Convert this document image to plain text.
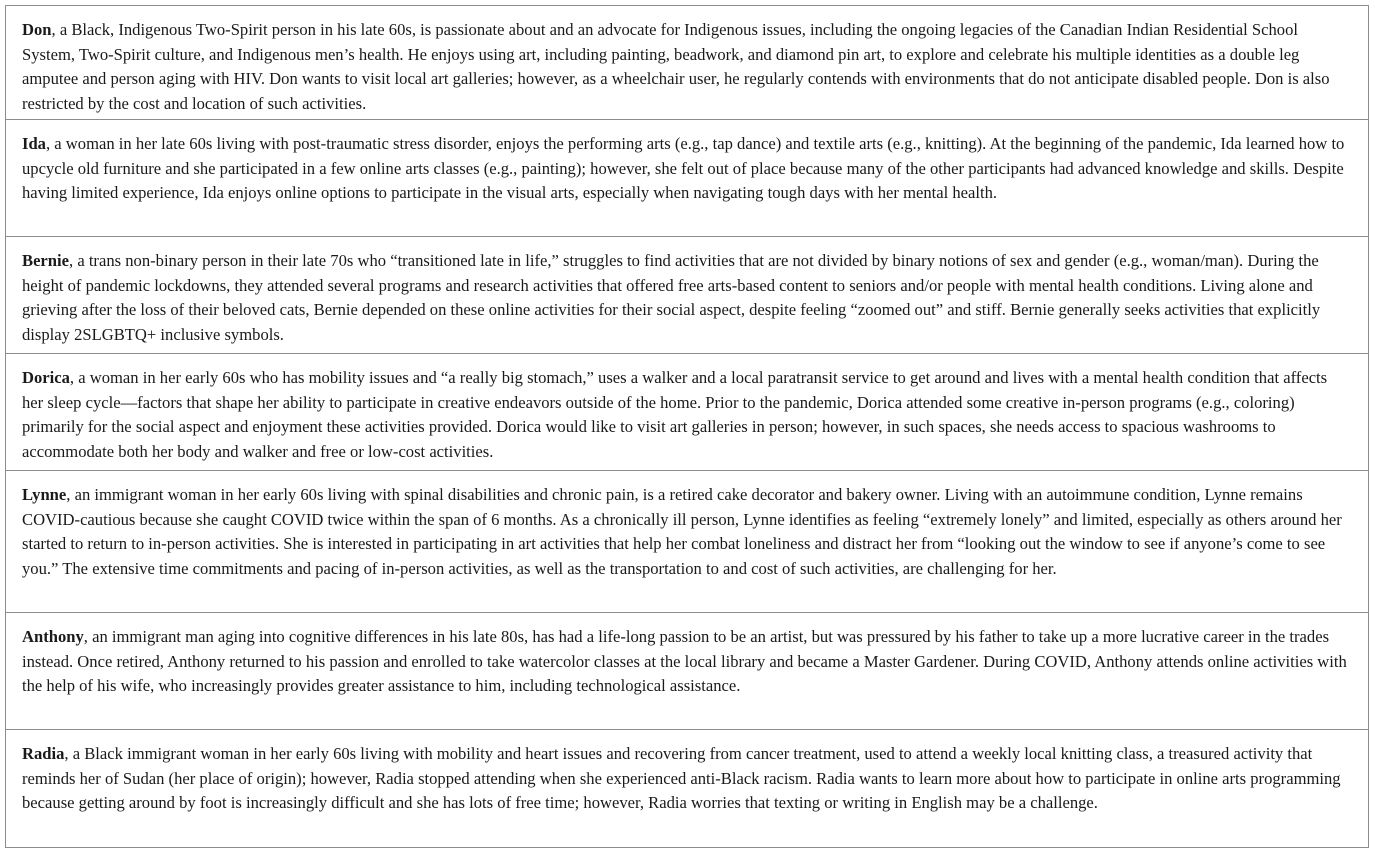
Don, a Black, Indigenous Two-Spirit person in his late 60s, is passionate about and an advocate for Indigenous issues, including the ongoing legacies of the Canadian Indian Residential School System, Two-Spirit culture, and Indigenous men’s health. He enjoys using art, including painting, beadwork, and diamond pin art, to explore and celebrate his multiple identities as a double leg amputee and person aging with HIV. Don wants to visit local art galleries; however, as a wheelchair user, he regularly contends with environments that do not anticipate disabled people. Don is also restricted by the cost and location of such activities.
Ida, a woman in her late 60s living with post-traumatic stress disorder, enjoys the performing arts (e.g., tap dance) and textile arts (e.g., knitting). At the beginning of the pandemic, Ida learned how to upcycle old furniture and she participated in a few online arts classes (e.g., painting); however, she felt out of place because many of the other participants had advanced knowledge and skills. Despite having limited experience, Ida enjoys online options to participate in the visual arts, especially when navigating tough days with her mental health.
Bernie, a trans non-binary person in their late 70s who “transitioned late in life,” struggles to find activities that are not divided by binary notions of sex and gender (e.g., woman/man). During the height of pandemic lockdowns, they attended several programs and research activities that offered free arts-based content to seniors and/or people with mental health conditions. Living alone and grieving after the loss of their beloved cats, Bernie depended on these online activities for their social aspect, despite feeling “zoomed out” and stiff. Bernie generally seeks activities that explicitly display 2SLGBTQ+ inclusive symbols.
Dorica, a woman in her early 60s who has mobility issues and “a really big stomach,” uses a walker and a local paratransit service to get around and lives with a mental health condition that affects her sleep cycle—factors that shape her ability to participate in creative endeavors outside of the home. Prior to the pandemic, Dorica attended some creative in-person programs (e.g., coloring) primarily for the social aspect and enjoyment these activities provided. Dorica would like to visit art galleries in person; however, in such spaces, she needs access to spacious washrooms to accommodate both her body and walker and free or low-cost activities.
Lynne, an immigrant woman in her early 60s living with spinal disabilities and chronic pain, is a retired cake decorator and bakery owner. Living with an autoimmune condition, Lynne remains COVID-cautious because she caught COVID twice within the span of 6 months. As a chronically ill person, Lynne identifies as feeling “extremely lonely” and limited, especially as others around her started to return to in-person activities. She is interested in participating in art activities that help her combat loneliness and distract her from “looking out the window to see if anyone’s come to see you.” The extensive time commitments and pacing of in-person activities, as well as the transportation to and cost of such activities, are challenging for her.
Anthony, an immigrant man aging into cognitive differences in his late 80s, has had a life-long passion to be an artist, but was pressured by his father to take up a more lucrative career in the trades instead. Once retired, Anthony returned to his passion and enrolled to take watercolor classes at the local library and became a Master Gardener. During COVID, Anthony attends online activities with the help of his wife, who increasingly provides greater assistance to him, including technological assistance.
Radia, a Black immigrant woman in her early 60s living with mobility and heart issues and recovering from cancer treatment, used to attend a weekly local knitting class, a treasured activity that reminds her of Sudan (her place of origin); however, Radia stopped attending when she experienced anti-Black racism. Radia wants to learn more about how to participate in online arts programming because getting around by foot is increasingly difficult and she has lots of free time; however, Radia worries that texting or writing in English may be a challenge.
